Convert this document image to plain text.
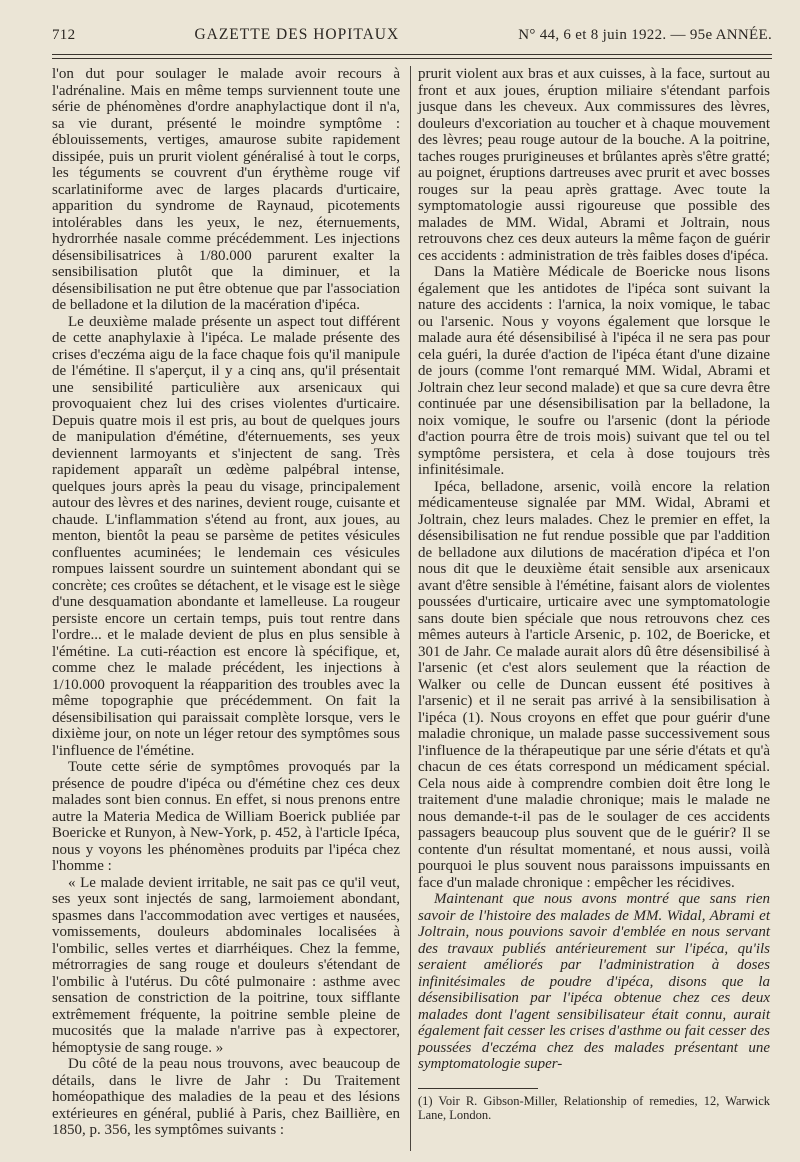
712	GAZETTE DES HOPITAUX	N° 44, 6 et 8 juin 1922. — 95e ANNÉE.

l'on dut pour soulager le malade avoir recours à l'adrénaline. Mais en même temps surviennent toute une série de phénomènes d'ordre anaphylactique dont il n'a, sa vie durant, présenté le moindre symptôme : éblouissements, vertiges, amaurose subite rapidement dissipée, puis un prurit violent généralisé à tout le corps, les téguments se couvrent d'un érythème rouge vif scarlatiniforme avec de larges placards d'urticaire, apparition du syndrome de Raynaud, picotements intolérables dans les yeux, le nez, éternuements, hydrorrhée nasale comme précédemment. Les injections désensibilisatrices à 1/80.000 parurent exalter la sensibilisation plutôt que la diminuer, et la désensibilisation ne put être obtenue que par l'association de belladone et la dilution de la macération d'ipéca.

Le deuxième malade présente un aspect tout différent de cette anaphylaxie à l'ipéca. Le malade présente des crises d'eczéma aigu de la face chaque fois qu'il manipule de l'émétine. Il s'aperçut, il y a cinq ans, qu'il présentait une sensibilité particulière aux arsenicaux qui provoquaient chez lui des crises violentes d'urticaire. Depuis quatre mois il est pris, au bout de quelques jours de manipulation d'émétine, d'éternuements, ses yeux deviennent larmoyants et s'injectent de sang. Très rapidement apparaît un œdème palpébral intense, quelques jours après la peau du visage, principalement autour des lèvres et des narines, devient rouge, cuisante et chaude. L'inflammation s'étend au front, aux joues, au menton, bientôt la peau se parsème de petites vésicules confluentes acuminées; le lendemain ces vésicules rompues laissent sourdre un suintement abondant qui se concrète; ces croûtes se détachent, et le visage est le siège d'une desquamation abondante et lamelleuse. La rougeur persiste encore un certain temps, puis tout rentre dans l'ordre... et le malade devient de plus en plus sensible à l'émétine. La cuti-réaction est encore là spécifique, et, comme chez le malade précédent, les injections à 1/10.000 provoquent la réapparition des troubles avec la même topographie que précédemment. On fait la désensibilisation qui paraissait complète lorsque, vers le dixième jour, on note un léger retour des symptômes sous l'influence de l'émétine.

Toute cette série de symptômes provoqués par la présence de poudre d'ipéca ou d'émétine chez ces deux malades sont bien connus. En effet, si nous prenons entre autre la Materia Medica de William Boerick publiée par Boericke et Runyon, à New-York, p. 452, à l'article Ipéca, nous y voyons les phénomènes produits par l'ipéca chez l'homme :

« Le malade devient irritable, ne sait pas ce qu'il veut, ses yeux sont injectés de sang, larmoiement abondant, spasmes dans l'accommodation avec vertiges et nausées, vomissements, douleurs abdominales localisées à l'ombilic, selles vertes et diarrhéiques. Chez la femme, métrorragies de sang rouge et douleurs s'étendant de l'ombilic à l'utérus. Du côté pulmonaire : asthme avec sensation de constriction de la poitrine, toux sifflante extrêmement fréquente, la poitrine semble pleine de mucosités que la malade n'arrive pas à expectorer, hémoptysie de sang rouge. »

Du côté de la peau nous trouvons, avec beaucoup de détails, dans le livre de Jahr : Du Traitement homéopathique des maladies de la peau et des lésions extérieures en général, publié à Paris, chez Baillière, en 1850, p. 356, les symptômes suivants :

prurit violent aux bras et aux cuisses, à la face, surtout au front et aux joues, éruption miliaire s'étendant parfois jusque dans les cheveux. Aux commissures des lèvres, douleurs d'excoriation au toucher et à chaque mouvement des lèvres; peau rouge autour de la bouche. A la poitrine, taches rouges prurigineuses et brûlantes après s'être gratté; au poignet, éruptions dartreuses avec prurit et avec bosses rouges sur la peau après grattage. Avec toute la symptomatologie aussi rigoureuse que possible des malades de MM. Widal, Abrami et Joltrain, nous retrouvons chez ces deux auteurs la même façon de guérir ces accidents : administration de très faibles doses d'ipéca.

Dans la Matière Médicale de Boericke nous lisons également que les antidotes de l'ipéca sont suivant la nature des accidents : l'arnica, la noix vomique, le tabac ou l'arsenic. Nous y voyons également que lorsque le malade aura été désensibilisé à l'ipéca il ne sera pas pour cela guéri, la durée d'action de l'ipéca étant d'une dizaine de jours (comme l'ont remarqué MM. Widal, Abrami et Joltrain chez leur second malade) et que sa cure devra être continuée par une désensibilisation par la belladone, la noix vomique, le soufre ou l'arsenic (dont la période d'action pourra être de trois mois) suivant que tel ou tel symptôme persistera, et cela à dose toujours très infinitésimale.

Ipéca, belladone, arsenic, voilà encore la relation médicamenteuse signalée par MM. Widal, Abrami et Joltrain, chez leurs malades. Chez le premier en effet, la désensibilisation ne fut rendue possible que par l'addition de belladone aux dilutions de macération d'ipéca et l'on nous dit que le deuxième était sensible aux arsenicaux avant d'être sensible à l'émétine, faisant alors de violentes poussées d'urticaire, urticaire avec une symptomatologie sans doute bien spéciale que nous retrouvons chez ces mêmes auteurs à l'article Arsenic, p. 102, de Boericke, et 301 de Jahr. Ce malade aurait alors dû être désensibilisé à l'arsenic (et c'est alors seulement que la réaction de Walker ou celle de Duncan eussent été positives à l'arsenic) et il ne serait pas arrivé à la sensibilisation à l'ipéca (1). Nous croyons en effet que pour guérir d'une maladie chronique, un malade passe successivement sous l'influence de la thérapeutique par une série d'états et qu'à chacun de ces états correspond un médicament spécial. Cela nous aide à comprendre combien doit être long le traitement d'une maladie chronique; mais le malade ne nous demande-t-il pas de le soulager de ces accidents passagers beaucoup plus souvent que de le guérir? Il se contente d'un résultat momentané, et nous aussi, voilà pourquoi le plus souvent nous paraissons impuissants en face d'un malade chronique : empêcher les récidives.

Maintenant que nous avons montré que sans rien savoir de l'histoire des malades de MM. Widal, Abrami et Joltrain, nous pouvions savoir d'emblée en nous servant des travaux publiés antérieurement sur l'ipéca, qu'ils seraient améliorés par l'administration à doses infinitésimales de poudre d'ipéca, disons que la désensibilisation par l'ipéca obtenue chez ces deux malades dont l'agent sensibilisateur était connu, aurait également fait cesser les crises d'asthme ou fait cesser des poussées d'eczéma chez des malades présentant une symptomatologie super-

(1) Voir R. Gibson-Miller, Relationship of remedies, 12, Warwick Lane, London.
